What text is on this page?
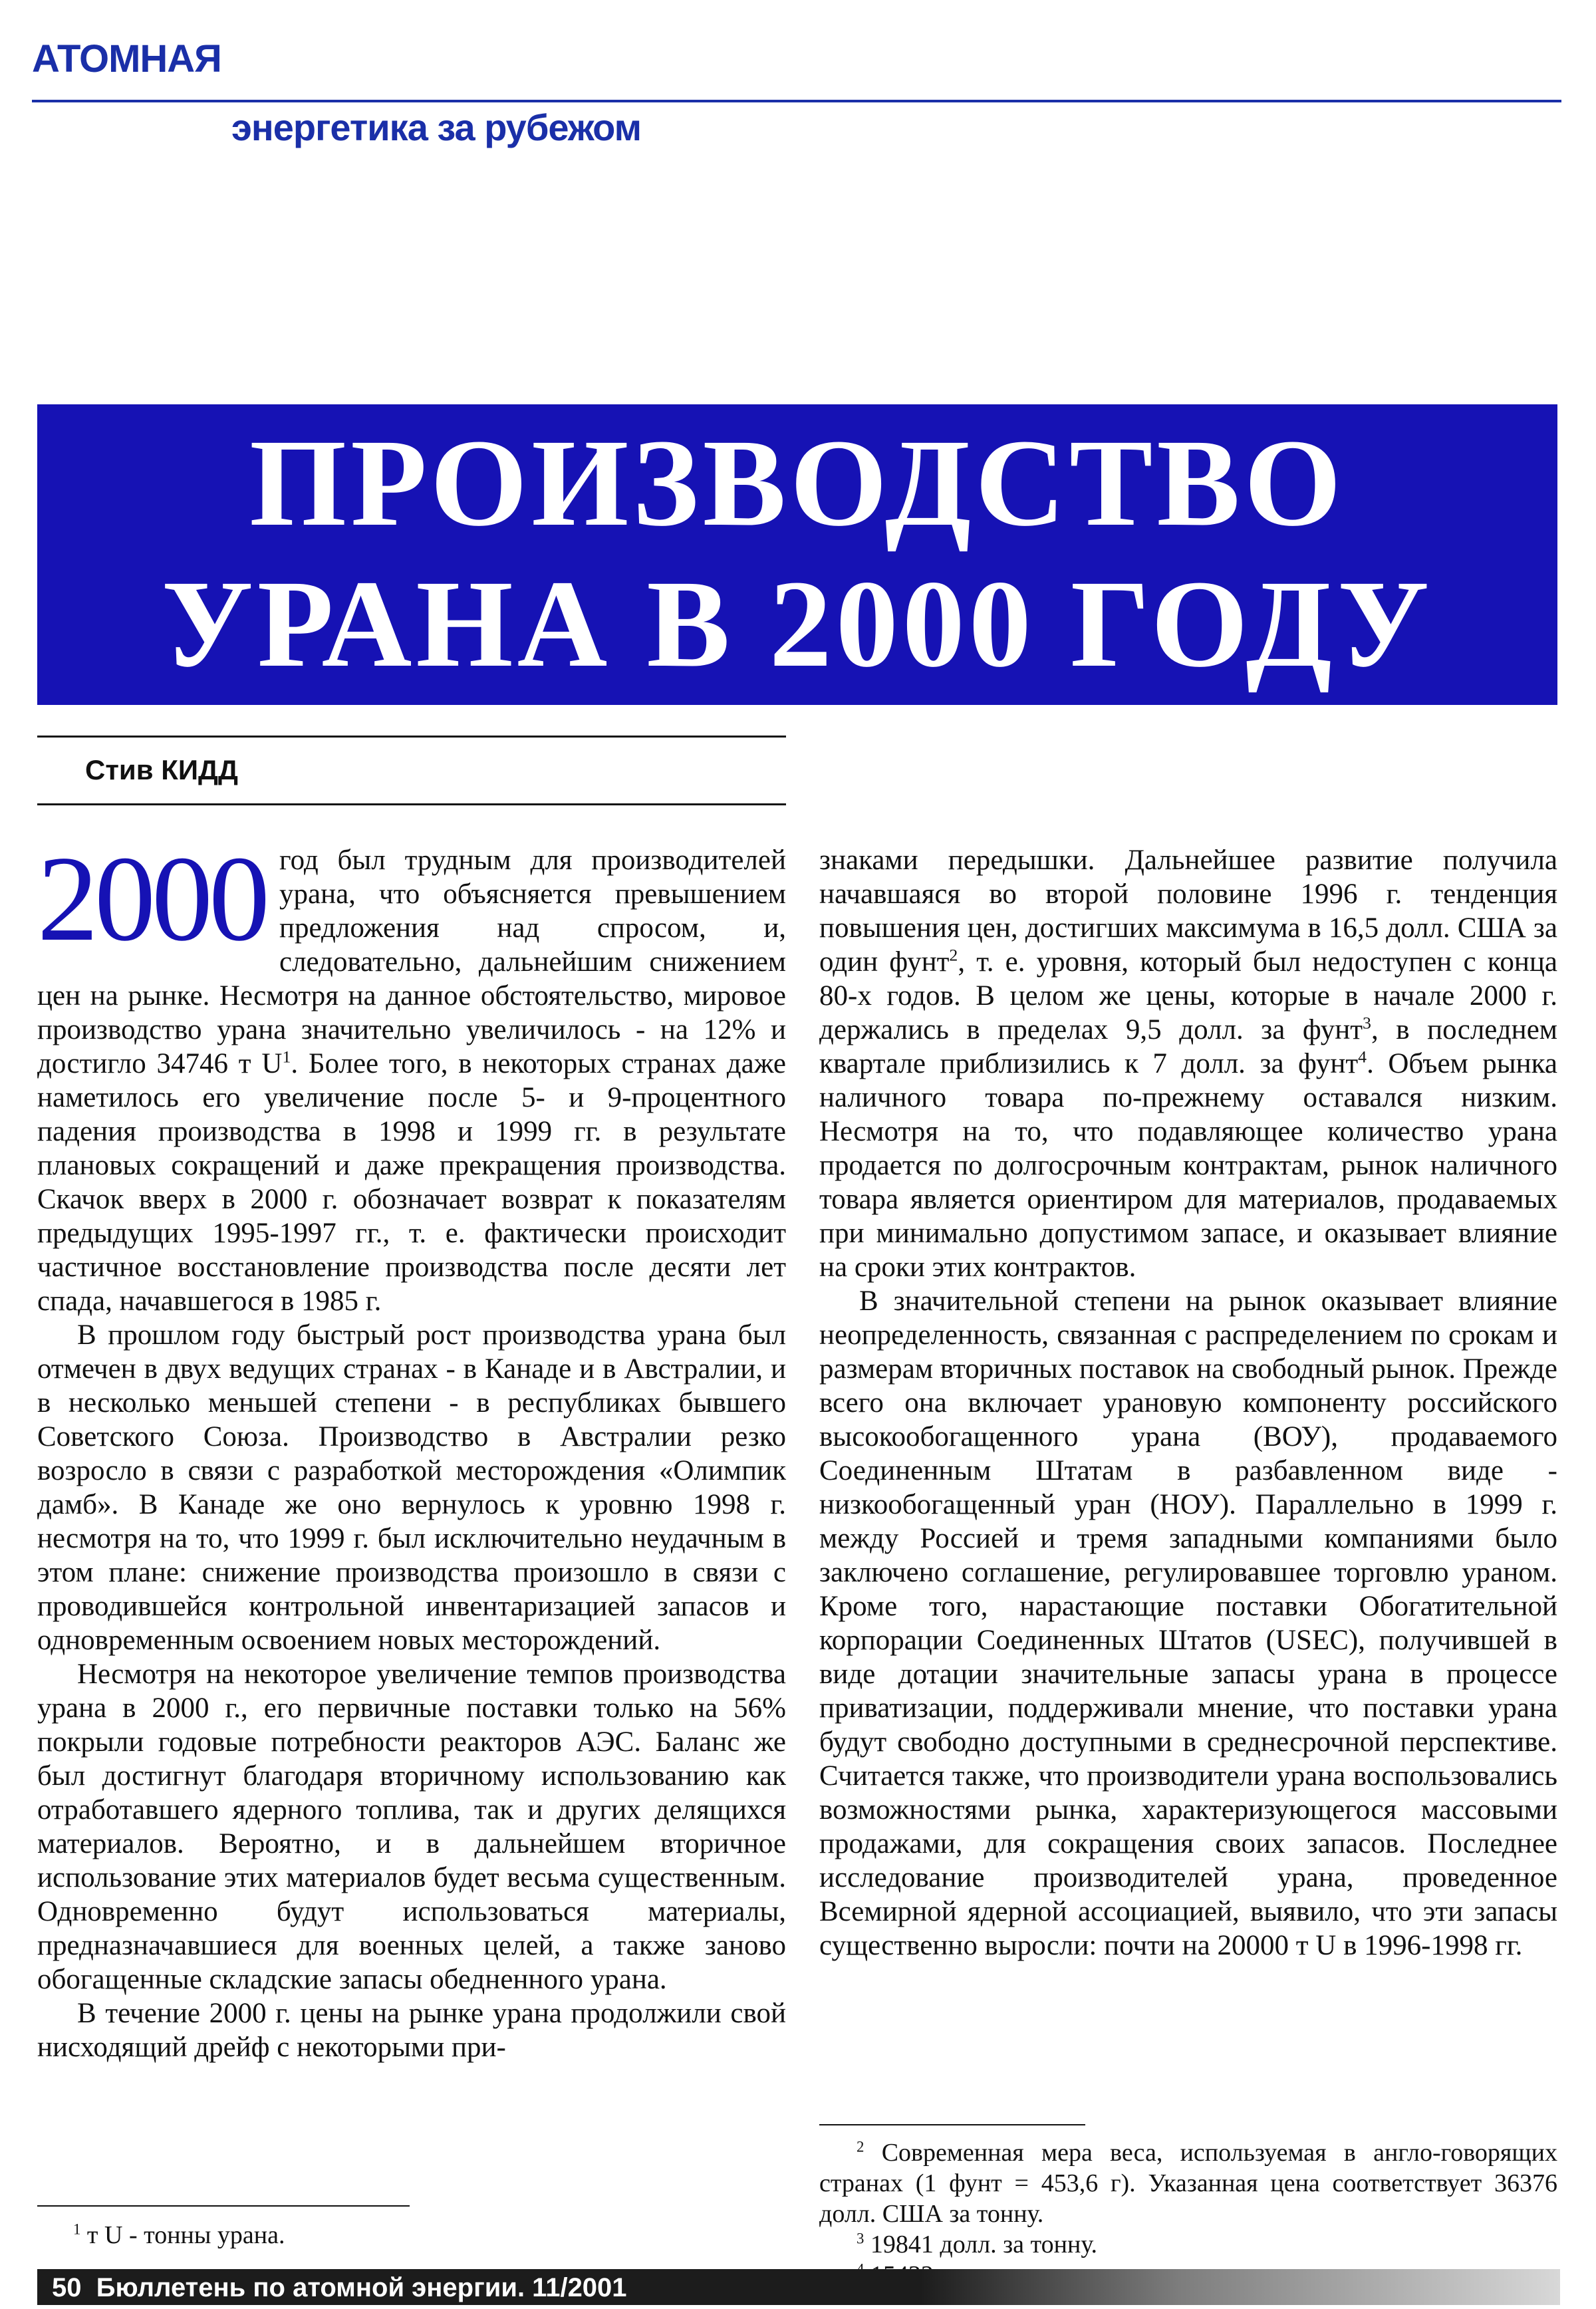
АТОМНАЯ
энергетика за рубежом
ПРОИЗВОДСТВО
УРАНА В 2000 ГОДУ
Стив КИДД
2000 год был трудным для производителей урана, что объясняется превышением предложения над спросом, и, следовательно, дальнейшим снижением цен на рынке. Несмотря на данное обстоятельство, мировое производство урана значительно увеличилось - на 12% и достигло 34746 т $U^1$. Более того, в некоторых странах даже наметилось его увеличение после 5- и 9-процентного падения производства в 1998 и 1999 гг. в результате плановых сокращений и даже прекращения производства. Скачок вверх в 2000 г. обозначает возврат к показателям предыдущих 1995-1997 гг., т. е. фактически происходит частичное восстановление производства после десяти лет спада, начавшегося в 1985 г.

В прошлом году быстрый рост производства урана был отмечен в двух ведущих странах - в Канаде и в Австралии, и в несколько меньшей степени - в республиках бывшего Советского Союза. Производство в Австралии резко возросло в связи с разработкой месторождения «Олимпик дамб». В Канаде же оно вернулось к уровню 1998 г. несмотря на то, что 1999 г. был исключительно неудачным в этом плане: снижение производства произошло в связи с проводившейся контрольной инвентаризацией запасов и одновременным освоением новых месторождений.

Несмотря на некоторое увеличение темпов производства урана в 2000 г., его первичные поставки только на 56% покрыли годовые потребности реакторов АЭС. Баланс же был достигнут благодаря вторичному использованию как отработавшего ядерного топлива, так и других делящихся материалов. Вероятно, и в дальнейшем вторичное использование этих материалов будет весьма существенным. Одновременно будут использоваться материалы, предназначавшиеся для военных целей, а также заново обогащенные складские запасы обедненного урана.

В течение 2000 г. цены на рынке урана продолжили свой нисходящий дрейф с некоторыми при-

знаками передышки. Дальнейшее развитие получила начавшаяся во второй половине 1996 г. тенденция повышения цен, достигших максимума в 16,5 долл. США за один фунт$^2$, т. е. уровня, который был недоступен с конца 80-х годов. В целом же цены, которые в начале 2000 г. держались в пределах 9,5 долл. за фунт$^3$, в последнем квартале приблизились к 7 долл. за фунт$^4$. Объем рынка наличного товара по-прежнему оставался низким. Несмотря на то, что подавляющее количество урана продается по долгосрочным контрактам, рынок наличного товара является ориентиром для материалов, продаваемых при минимально допустимом запасе, и оказывает влияние на сроки этих контрактов.

В значительной степени на рынок оказывает влияние неопределенность, связанная с распределением по срокам и размерам вторичных поставок на свободный рынок. Прежде всего она включает урановую компоненту российского высокообогащенного урана (ВОУ), продаваемого Соединенным Штатам в разбавленном виде - низкообогащенный уран (НОУ). Параллельно в 1999 г. между Россией и тремя западными компаниями было заключено соглашение, регулировавшее торговлю ураном. Кроме того, нарастающие поставки Обогатительной корпорации Соединенных Штатов (USEC), получившей в виде дотации значительные запасы урана в процессе приватизации, поддерживали мнение, что поставки урана будут свободно доступными в среднесрочной перспективе. Считается также, что производители урана воспользовались возможностями рынка, характеризующегося массовыми продажами, для сокращения своих запасов. Последнее исследование производителей урана, проведенное Всемирной ядерной ассоциацией, выявило, что эти запасы существенно выросли: почти на 20000 т U в 1996-1998 гг.

$^1$ т U - тонны урана.

$^2$ Современная мера веса, используемая в англо-говорящих странах (1 фунт = 453,6 г). Указанная цена соответствует 36376 долл. США за тонну.

$^3$ 19841 долл. за тонну.

50 Бюллетень по атомной энергии. 11/2001
